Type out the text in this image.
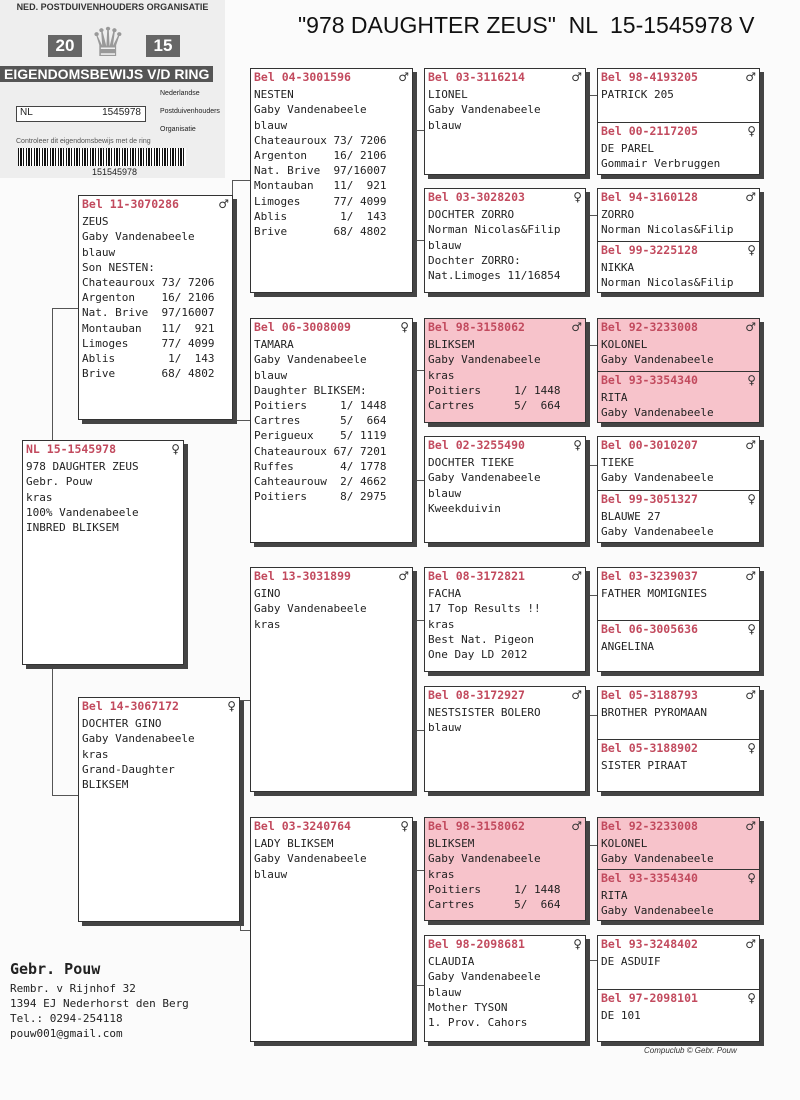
"978 DAUGHTER ZEUS"  NL  15-1545978 V
NED. POSTDUIVENHOUDERS ORGANISATIE
20	15
♛
EIGENDOMSBEWIJS V/D RING
NL	1545978
Nederlandse
Postduivenhouders
Organisatie
Controleer dit eigendomsbewijs met de ring
151545978
NL 15-1545978	♀
978 DAUGHTER ZEUS
Gebr. Pouw
kras
100% Vandenabeele
INBRED BLIKSEM
Bel 11-3070286	♂
ZEUS
Gaby Vandenabeele
blauw
Son NESTEN:
Chateauroux 73/ 7206
Argenton    16/ 2106
Nat. Brive  97/16007
Montauban   11/  921
Limoges     77/ 4099
Ablis        1/  143
Brive       68/ 4802
Bel 14-3067172	♀
DOCHTER GINO
Gaby Vandenabeele
kras
Grand-Daughter
BLIKSEM
Bel 04-3001596	♂
NESTEN
Gaby Vandenabeele
blauw
Chateauroux 73/ 7206
Argenton    16/ 2106
Nat. Brive  97/16007
Montauban   11/  921
Limoges     77/ 4099
Ablis        1/  143
Brive       68/ 4802
Bel 06-3008009	♀
TAMARA
Gaby Vandenabeele
blauw
Daughter BLIKSEM:
Poitiers     1/ 1448
Cartres      5/  664
Perigueux    5/ 1119
Chateauroux 67/ 7201
Ruffes       4/ 1778
Cahteaurouw  2/ 4662
Poitiers     8/ 2975
Bel 13-3031899	♂
GINO
Gaby Vandenabeele
kras
Bel 03-3240764	♀
LADY BLIKSEM
Gaby Vandenabeele
blauw
Bel 03-3116214	♂
LIONEL
Gaby Vandenabeele
blauw
Bel 03-3028203	♀
DOCHTER ZORRO
Norman Nicolas&Filip
blauw
Dochter ZORRO:
Nat.Limoges 11/16854
Bel 98-3158062	♂
BLIKSEM
Gaby Vandenabeele
kras
Poitiers     1/ 1448
Cartres      5/  664
Bel 02-3255490	♀
DOCHTER TIEKE
Gaby Vandenabeele
blauw
Kweekduivin
Bel 08-3172821	♂
FACHA
17 Top Results !!
kras
Best Nat. Pigeon
One Day LD 2012
Bel 08-3172927	♂
NESTSISTER BOLERO
blauw
Bel 98-3158062	♂
BLIKSEM
Gaby Vandenabeele
kras
Poitiers     1/ 1448
Cartres      5/  664
Bel 98-2098681	♀
CLAUDIA
Gaby Vandenabeele
blauw
Mother TYSON
1. Prov. Cahors
Bel 98-4193205	♂
PATRICK 205
Bel 00-2117205	♀
DE PAREL
Gommair Verbruggen
Bel 94-3160128	♂
ZORRO
Norman Nicolas&Filip
Bel 99-3225128	♀
NIKKA
Norman Nicolas&Filip
Bel 92-3233008	♂
KOLONEL
Gaby Vandenabeele
Bel 93-3354340	♀
RITA
Gaby Vandenabeele
Bel 00-3010207	♂
TIEKE
Gaby Vandenabeele
Bel 99-3051327	♀
BLAUWE 27
Gaby Vandenabeele
Bel 03-3239037	♂
FATHER MOMIGNIES
Bel 06-3005636	♀
ANGELINA
Bel 05-3188793	♂
BROTHER PYROMAAN
Bel 05-3188902	♀
SISTER PIRAAT
Bel 92-3233008	♂
KOLONEL
Gaby Vandenabeele
Bel 93-3354340	♀
RITA
Gaby Vandenabeele
Bel 93-3248402	♂
DE ASDUIF
Bel 97-2098101	♀
DE 101
Gebr. Pouw
Rembr. v Rijnhof 32
1394 EJ Nederhorst den Berg
Tel.: 0294-254118
pouw001@gmail.com
Compuclub © Gebr. Pouw
